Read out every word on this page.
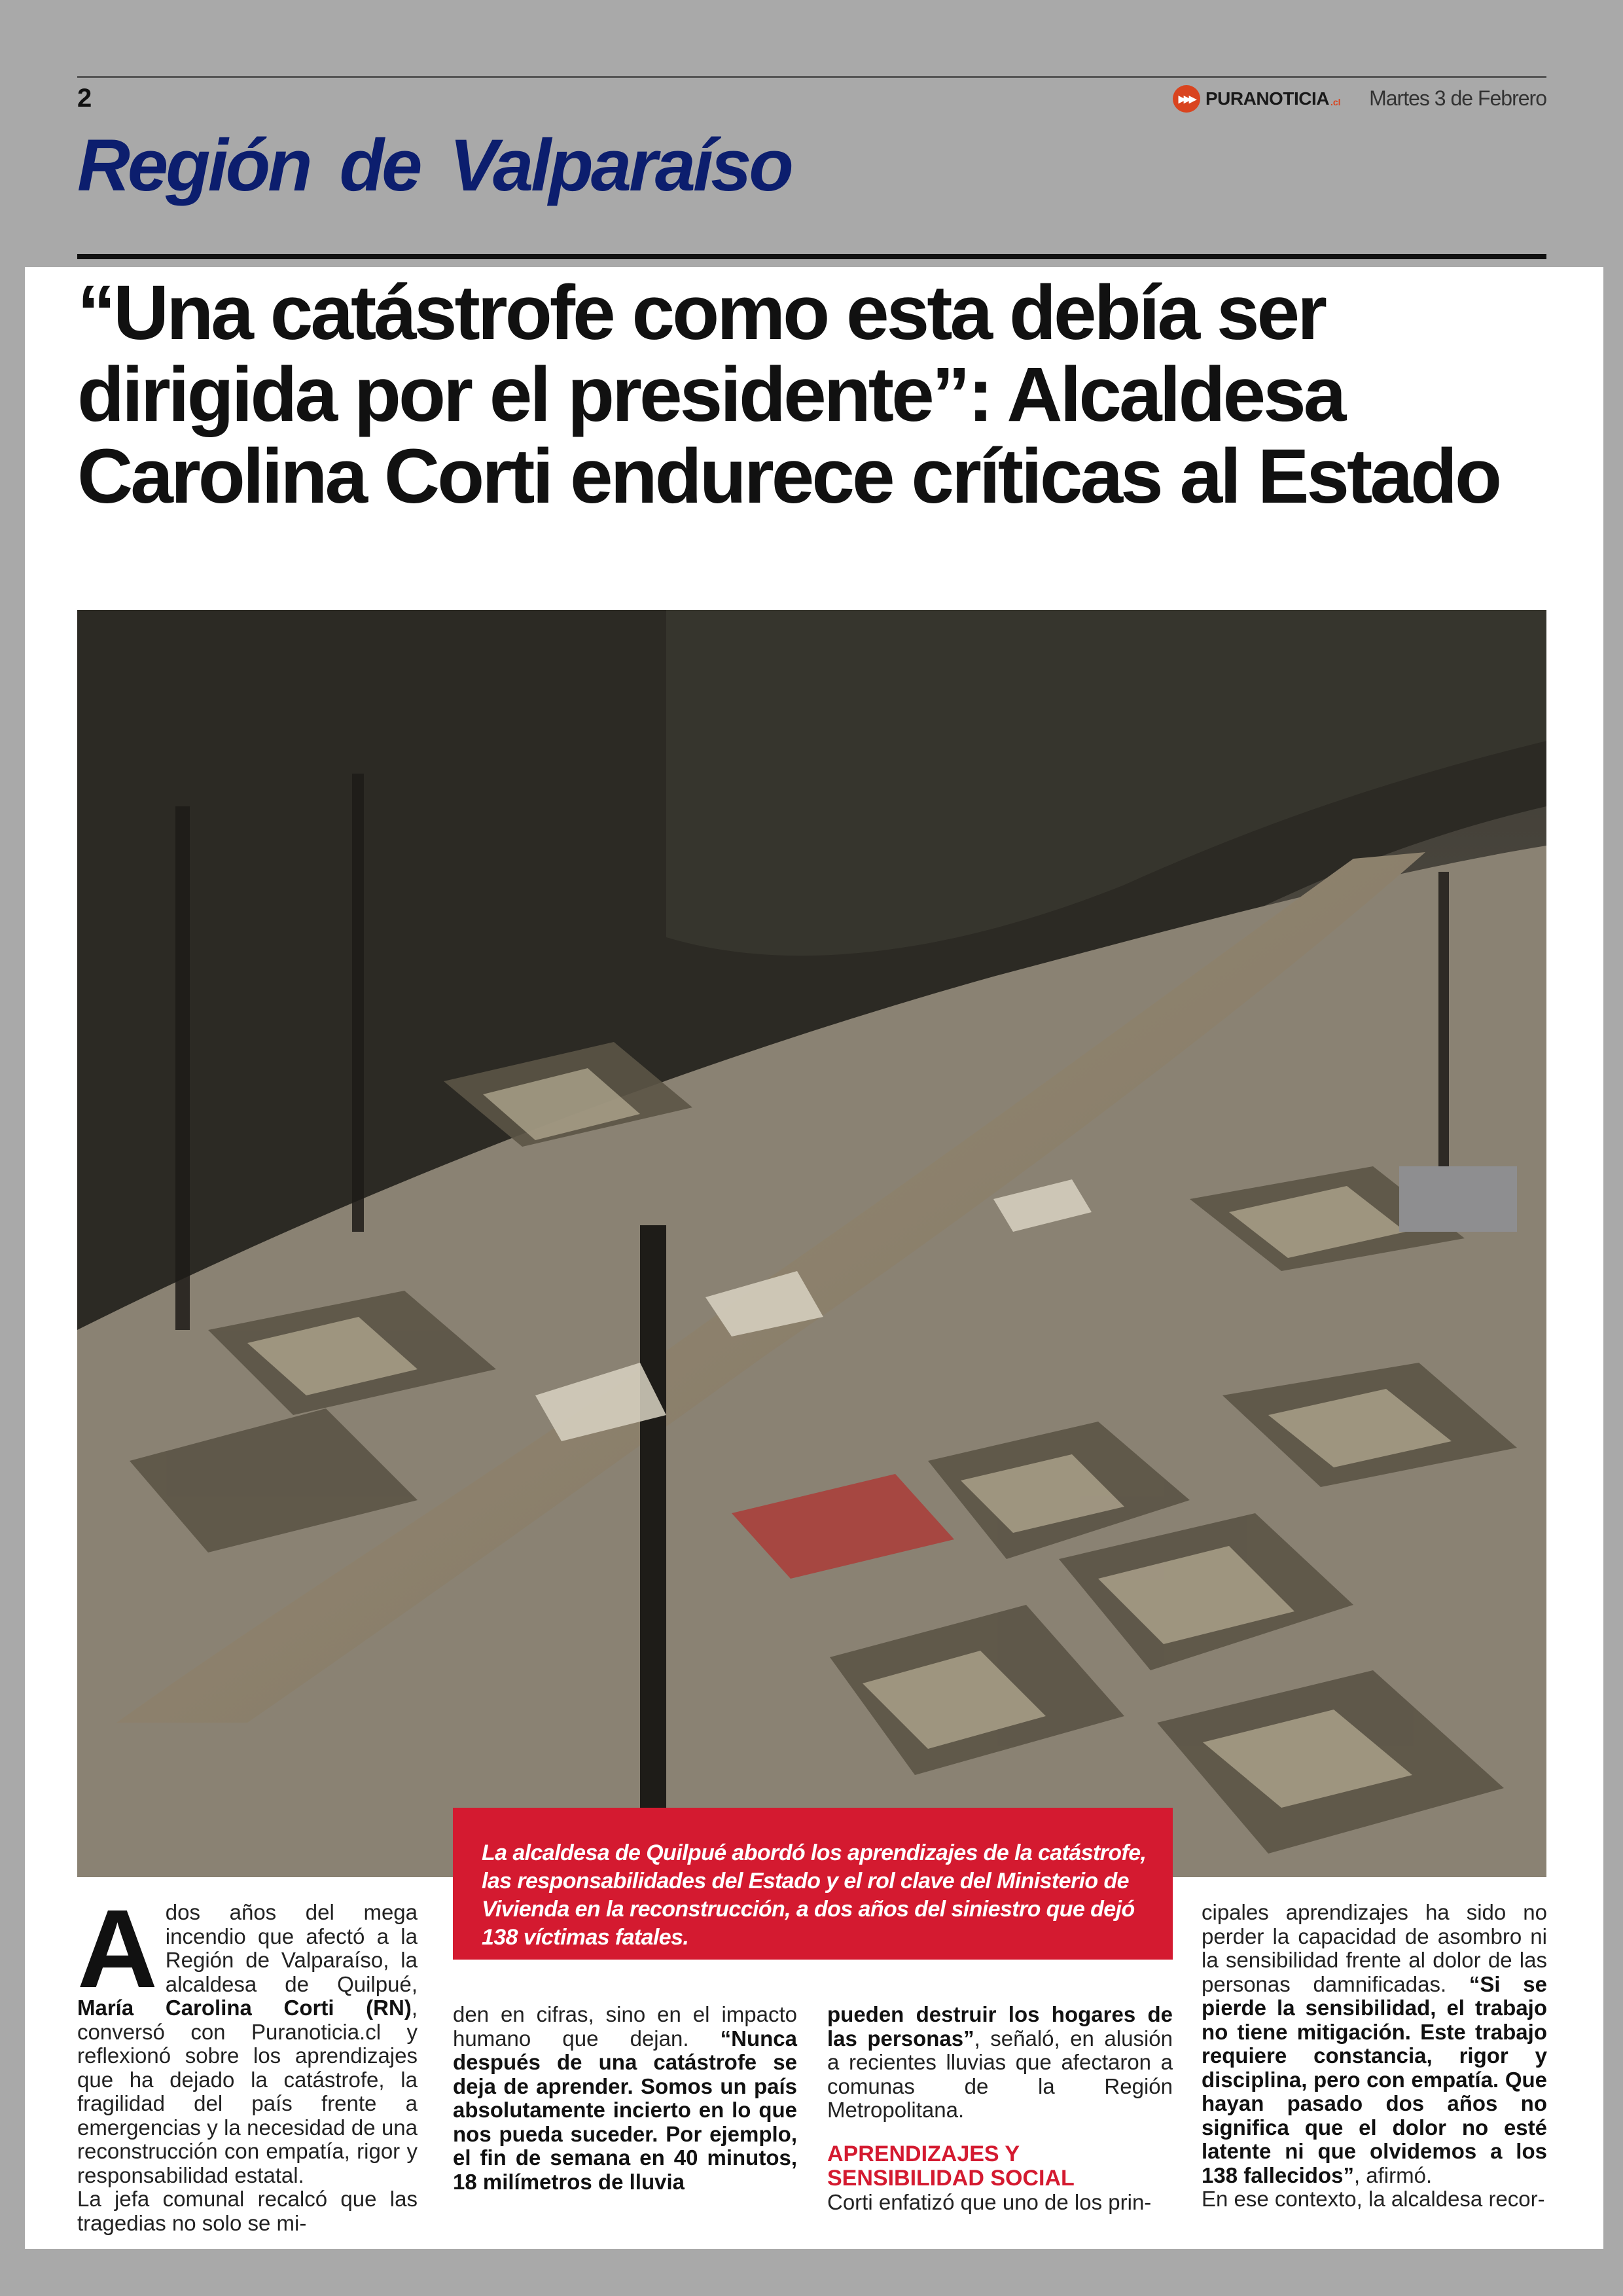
2	▸▸▸ PURANOTICIA .cl Martes 3 de Febrero
Región de Valparaíso
“Una catástrofe como esta debía ser dirigida por el presidente”: Alcaldesa Carolina Corti endurece críticas al Estado

La alcaldesa de Quilpué abordó los aprendizajes de la catástrofe, las responsabilidades del Estado y el rol clave del Ministerio de Vivienda en la reconstrucción, a dos años del siniestro que dejó 138 víctimas fatales.

A dos años del mega incendio que afectó a la Región de Valparaíso, la alcaldesa de Quilpué, María Carolina Corti (RN), conversó con Puranoticia.cl y reflexionó sobre los aprendizajes que ha dejado la catástrofe, la fragilidad del país frente a emergencias y la necesidad de una reconstrucción con empatía, rigor y responsabilidad estatal.

La jefa comunal recalcó que las tragedias no solo se mi-

den en cifras, sino en el impacto humano que dejan. “Nunca después de una catástrofe se deja de aprender. Somos un país absolutamente incierto en lo que nos pueda suceder. Por ejemplo, el fin de semana en 40 minutos, 18 milímetros de lluvia

pueden destruir los hogares de las personas”, señaló, en alusión a recientes lluvias que afectaron a comunas de la Región Metropolitana.

APRENDIZAJES Y SENSIBILIDAD SOCIAL

Corti enfatizó que uno de los prin-

cipales aprendizajes ha sido no perder la capacidad de asombro ni la sensibilidad frente al dolor de las personas damnificadas. “Si se pierde la sensibilidad, el trabajo no tiene mitigación. Este trabajo requiere constancia, rigor y disciplina, pero con empatía. Que hayan pasado dos años no significa que el dolor no esté latente ni que olvidemos a los 138 fallecidos”, afirmó.

En ese contexto, la alcaldesa recor-
